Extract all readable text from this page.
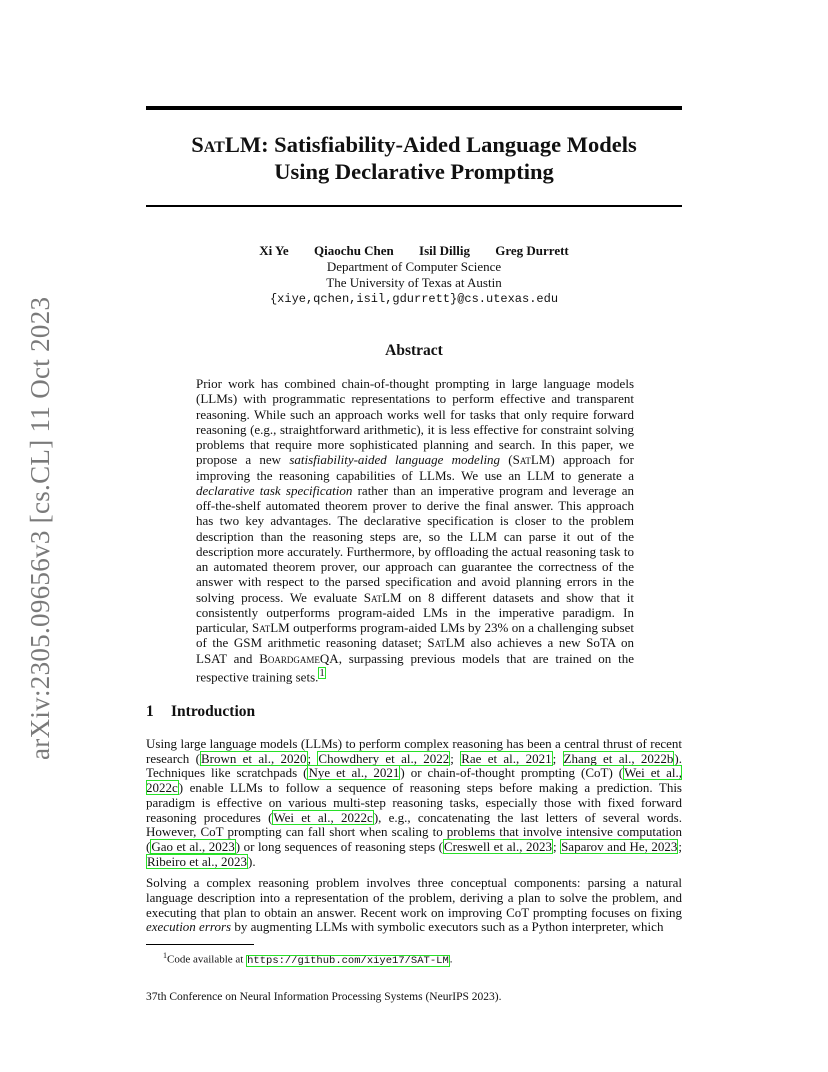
arXiv:2305.09656v3 [cs.CL] 11 Oct 2023
SatLM: Satisfiability-Aided Language Models
Using Declarative Prompting
Xi Ye Qiaochu Chen Isil Dillig Greg Durrett
Department of Computer Science
The University of Texas at Austin
{xiye,qchen,isil,gdurrett}@cs.utexas.edu
Abstract
Prior work has combined chain-of-thought prompting in large language models (LLMs) with programmatic representations to perform effective and transparent reasoning. While such an approach works well for tasks that only require forward reasoning (e.g., straightforward arithmetic), it is less effective for constraint solving problems that require more sophisticated planning and search. In this paper, we propose a new satisfiability-aided language modeling (SatLM) approach for improving the reasoning capabilities of LLMs. We use an LLM to generate a declarative task specification rather than an imperative program and leverage an off-the-shelf automated theorem prover to derive the final answer. This approach has two key advantages. The declarative specification is closer to the problem description than the reasoning steps are, so the LLM can parse it out of the description more accurately. Furthermore, by offloading the actual reasoning task to an automated theorem prover, our approach can guarantee the correctness of the answer with respect to the parsed specification and avoid planning errors in the solving process. We evaluate SatLM on 8 different datasets and show that it consistently outperforms program-aided LMs in the imperative paradigm. In particular, SatLM outperforms program-aided LMs by 23% on a challenging subset of the GSM arithmetic reasoning dataset; SatLM also achieves a new SoTA on LSAT and BoardgameQA, surpassing previous models that are trained on the respective training sets.$^1$
1 Introduction

Using large language models (LLMs) to perform complex reasoning has been a central thrust of recent research (Brown et al., 2020; Chowdhery et al., 2022; Rae et al., 2021; Zhang et al., 2022b). Techniques like scratchpads (Nye et al., 2021) or chain-of-thought prompting (CoT) (Wei et al., 2022c) enable LLMs to follow a sequence of reasoning steps before making a prediction. This paradigm is effective on various multi-step reasoning tasks, especially those with fixed forward reasoning procedures (Wei et al., 2022c), e.g., concatenating the last letters of several words. However, CoT prompting can fall short when scaling to problems that involve intensive computation (Gao et al., 2023) or long sequences of reasoning steps (Creswell et al., 2023; Saparov and He, 2023; Ribeiro et al., 2023).

Solving a complex reasoning problem involves three conceptual components: parsing a natural language description into a representation of the problem, deriving a plan to solve the problem, and executing that plan to obtain an answer. Recent work on improving CoT prompting focuses on fixing execution errors by augmenting LLMs with symbolic executors such as a Python interpreter, which

$^1$Code available at https://github.com/xiye17/SAT-LM.
37th Conference on Neural Information Processing Systems (NeurIPS 2023).
